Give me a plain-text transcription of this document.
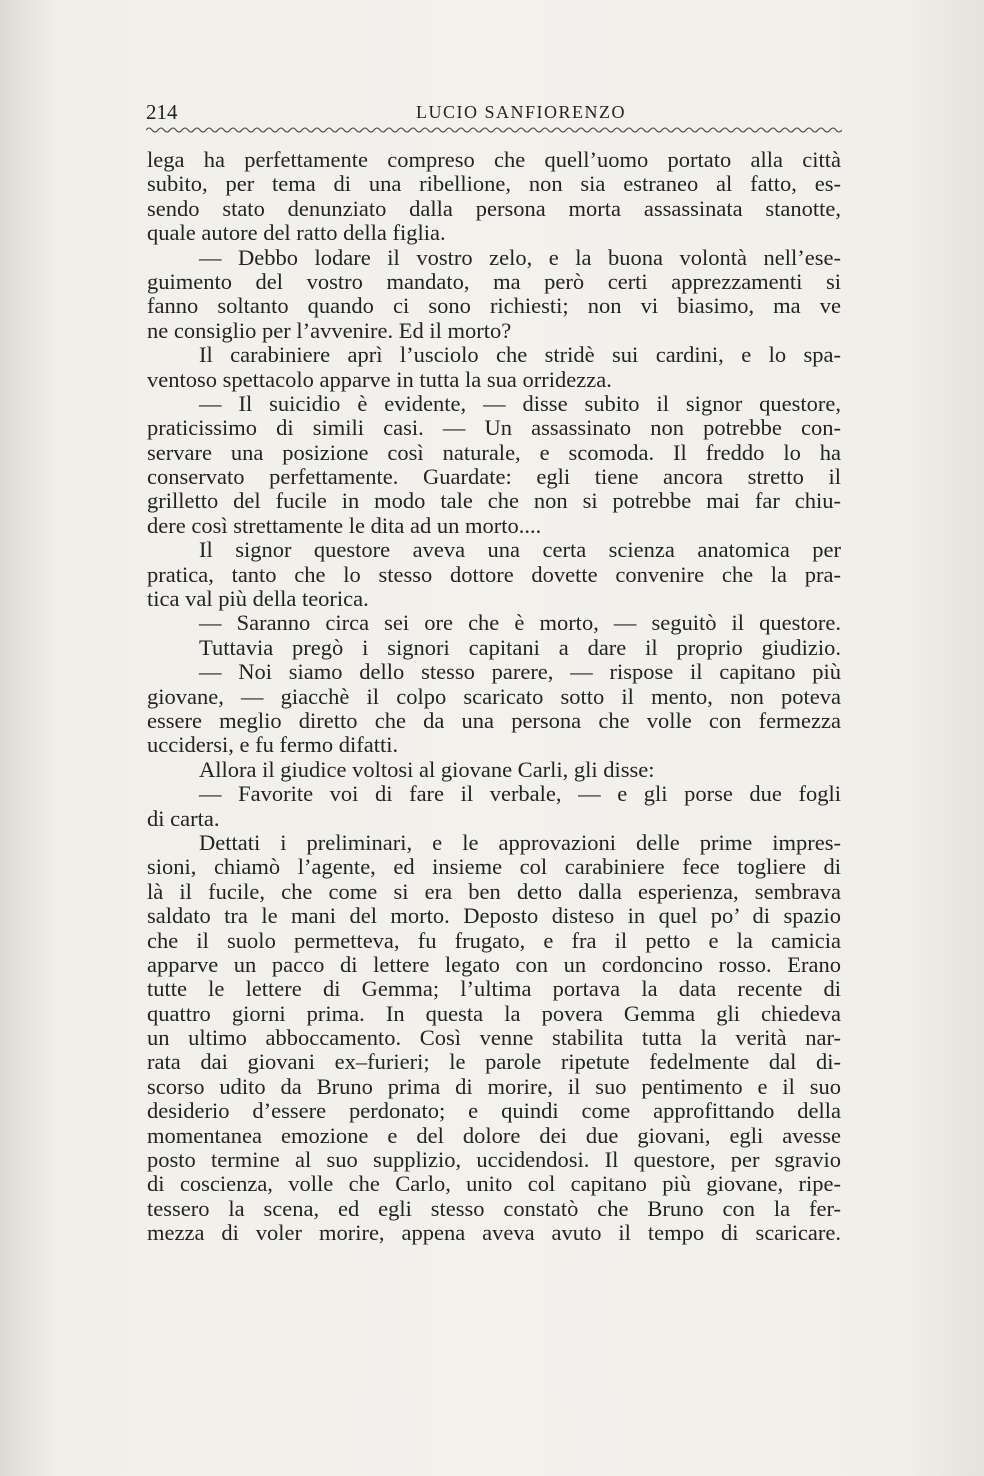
214	LUCIO SANFIORENZO
lega ha perfettamente compreso che quell’uomo portato alla città
subito, per tema di una ribellione, non sia estraneo al fatto, es-
sendo stato denunziato dalla persona morta assassinata stanotte,
quale autore del ratto della figlia.
— Debbo lodare il vostro zelo, e la buona volontà nell’ese-
guimento del vostro mandato, ma però certi apprezzamenti si
fanno soltanto quando ci sono richiesti; non vi biasimo, ma ve
ne consiglio per l’avvenire. Ed il morto?
Il carabiniere aprì l’usciolo che stridè sui cardini, e lo spa-
ventoso spettacolo apparve in tutta la sua orridezza.
— Il suicidio è evidente, — disse subito il signor questore,
praticissimo di simili casi. — Un assassinato non potrebbe con-
servare una posizione così naturale, e scomoda. Il freddo lo ha
conservato perfettamente. Guardate: egli tiene ancora stretto il
grilletto del fucile in modo tale che non si potrebbe mai far chiu-
dere così strettamente le dita ad un morto....
Il signor questore aveva una certa scienza anatomica per
pratica, tanto che lo stesso dottore dovette convenire che la pra-
tica val più della teorica.
— Saranno circa sei ore che è morto, — seguitò il questore.
Tuttavia pregò i signori capitani a dare il proprio giudizio.
— Noi siamo dello stesso parere, — rispose il capitano più
giovane, — giacchè il colpo scaricato sotto il mento, non poteva
essere meglio diretto che da una persona che volle con fermezza
uccidersi, e fu fermo difatti.
Allora il giudice voltosi al giovane Carli, gli disse:
— Favorite voi di fare il verbale, — e gli porse due fogli
di carta.
Dettati i preliminari, e le approvazioni delle prime impres-
sioni, chiamò l’agente, ed insieme col carabiniere fece togliere di
là il fucile, che come si era ben detto dalla esperienza, sembrava
saldato tra le mani del morto. Deposto disteso in quel po’ di spazio
che il suolo permetteva, fu frugato, e fra il petto e la camicia
apparve un pacco di lettere legato con un cordoncino rosso. Erano
tutte le lettere di Gemma; l’ultima portava la data recente di
quattro giorni prima. In questa la povera Gemma gli chiedeva
un ultimo abboccamento. Così venne stabilita tutta la verità nar-
rata dai giovani ex–furieri; le parole ripetute fedelmente dal di-
scorso udito da Bruno prima di morire, il suo pentimento e il suo
desiderio d’essere perdonato; e quindi come approfittando della
momentanea emozione e del dolore dei due giovani, egli avesse
posto termine al suo supplizio, uccidendosi. Il questore, per sgravio
di coscienza, volle che Carlo, unito col capitano più giovane, ripe-
tessero la scena, ed egli stesso constatò che Bruno con la fer-
mezza di voler morire, appena aveva avuto il tempo di scaricare.
